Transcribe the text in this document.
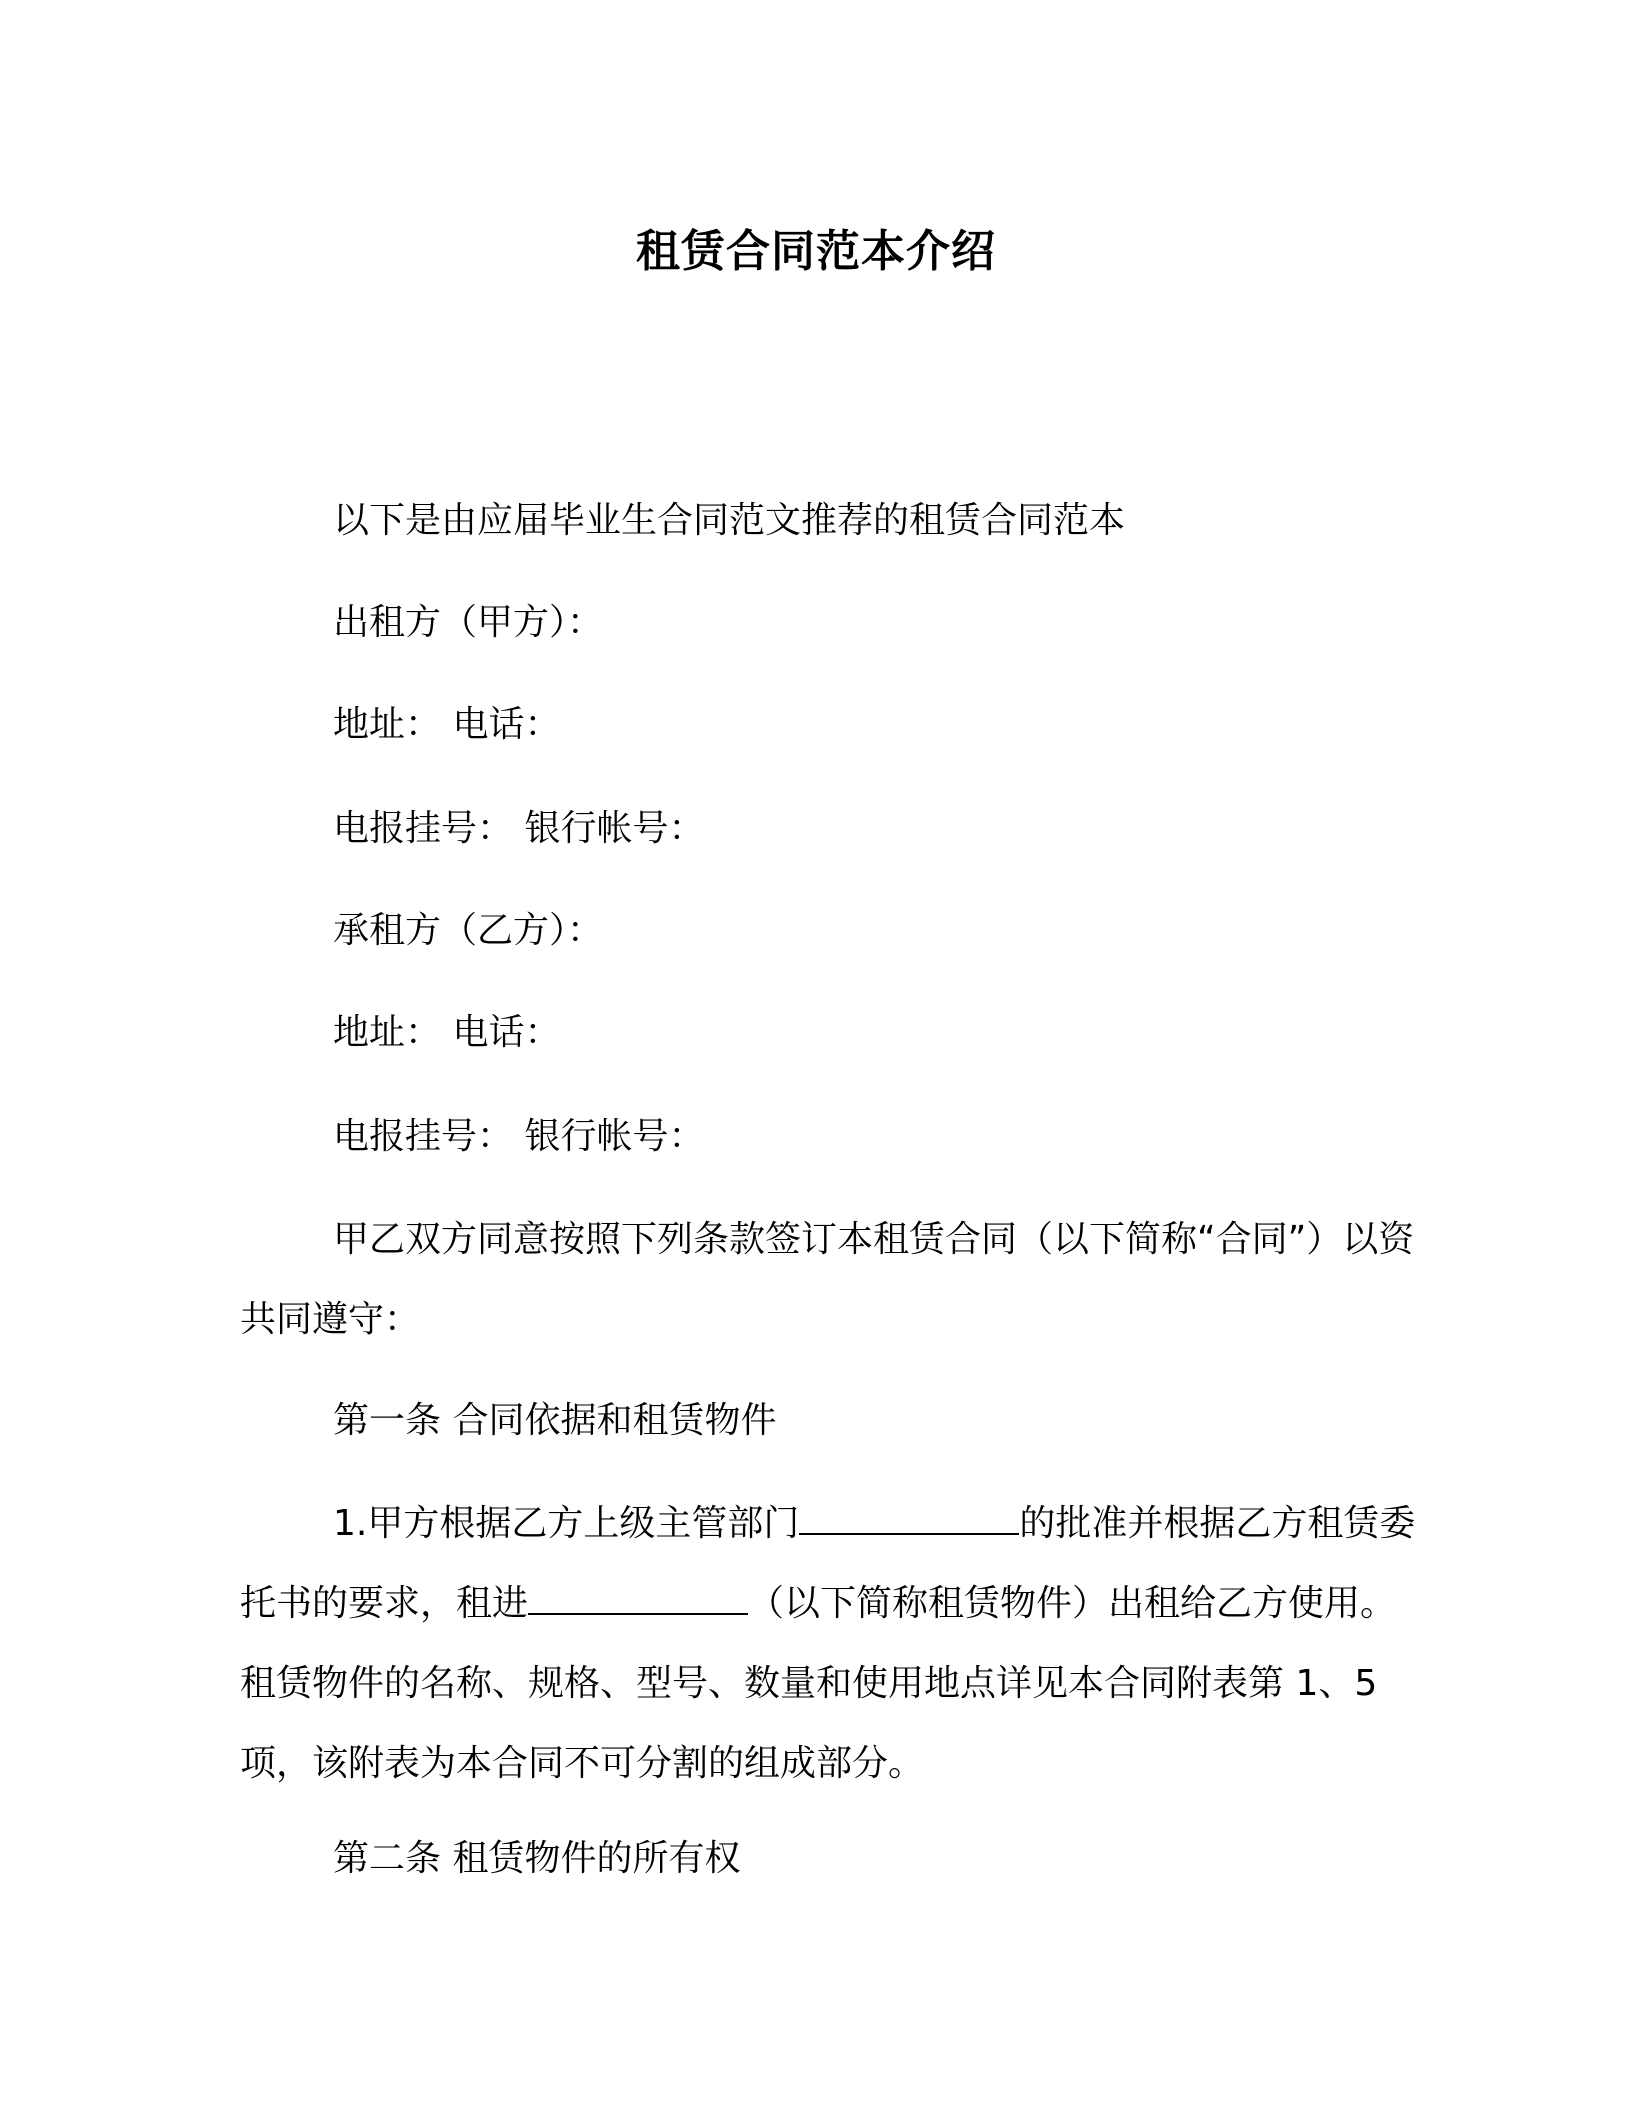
租赁合同范本介绍
以下是由应届毕业生合同范文推荐的租赁合同范本
出租方（甲方）：
地址： 电话：
电报挂号： 银行帐号：
承租方（乙方）：
地址： 电话：
电报挂号： 银行帐号：
甲乙双方同意按照下列条款签订本租赁合同（以下简称“合同”）以资共同遵守：
第一条 合同依据和租赁物件
1.甲方根据乙方上级主管部门	的批准并根据乙方租赁委托书的要求，租进	（以下简称租赁物件）出租给乙方使用。租赁物件的名称、规格、型号、数量和使用地点详见本合同附表第 1、5 项，该附表为本合同不可分割的组成部分。
第二条 租赁物件的所有权
